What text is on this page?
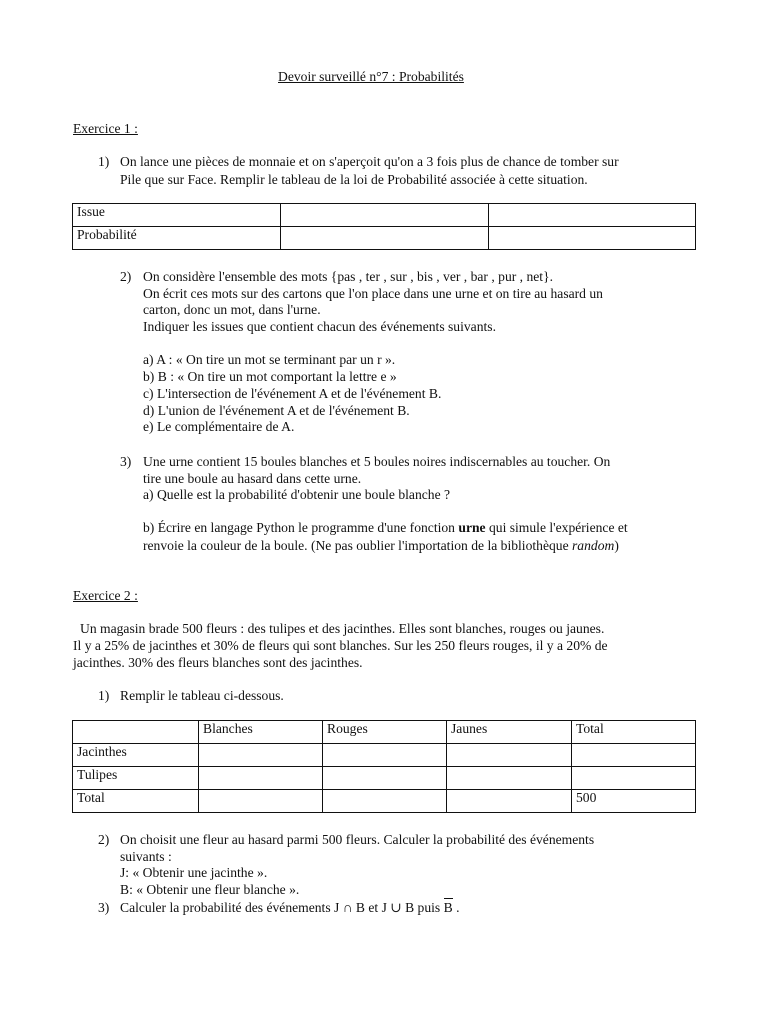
Devoir surveillé n°7 : Probabilités
Exercice 1 :
1) On lance une pièces de monnaie et on s'aperçoit qu'on a 3 fois plus de chance de tomber sur
Pile que sur Face. Remplir le tableau de la loi de Probabilité associée à cette situation.
Issue		
Probabilité		
2) On considère l'ensemble des mots {pas , ter , sur , bis , ver , bar , pur , net}.
On écrit ces mots sur des cartons que l'on place dans une urne et on tire au hasard un
carton, donc un mot, dans l'urne.
Indiquer les issues que contient chacun des événements suivants.
a) A : « On tire un mot se terminant par un r ».
b) B : « On tire un mot comportant la lettre e »
c) L'intersection de l'événement A et de l'événement B.
d) L'union de l'événement A et de l'événement B.
e) Le complémentaire de A.
3) Une urne contient 15 boules blanches et 5 boules noires indiscernables au toucher. On
tire une boule au hasard dans cette urne.
a) Quelle est la probabilité d'obtenir une boule blanche ?
b) Écrire en langage Python le programme d'une fonction urne qui simule l'expérience et
renvoie la couleur de la boule. (Ne pas oublier l'importation de la bibliothèque random)
Exercice 2 :
Un magasin brade 500 fleurs : des tulipes et des jacinthes. Elles sont blanches, rouges ou jaunes.
Il y a 25% de jacinthes et 30% de fleurs qui sont blanches. Sur les 250 fleurs rouges, il y a 20% de
jacinthes. 30% des fleurs blanches sont des jacinthes.
1) Remplir le tableau ci-dessous.
	Blanches	Rouges	Jaunes	Total
Jacinthes				
Tulipes				
Total				500
2) On choisit une fleur au hasard parmi 500 fleurs. Calculer la probabilité des événements
suivants :
J: « Obtenir une jacinthe ».
B: « Obtenir une fleur blanche ».
3) Calculer la probabilité des événements J ∩ B et J ∪ B puis B .
